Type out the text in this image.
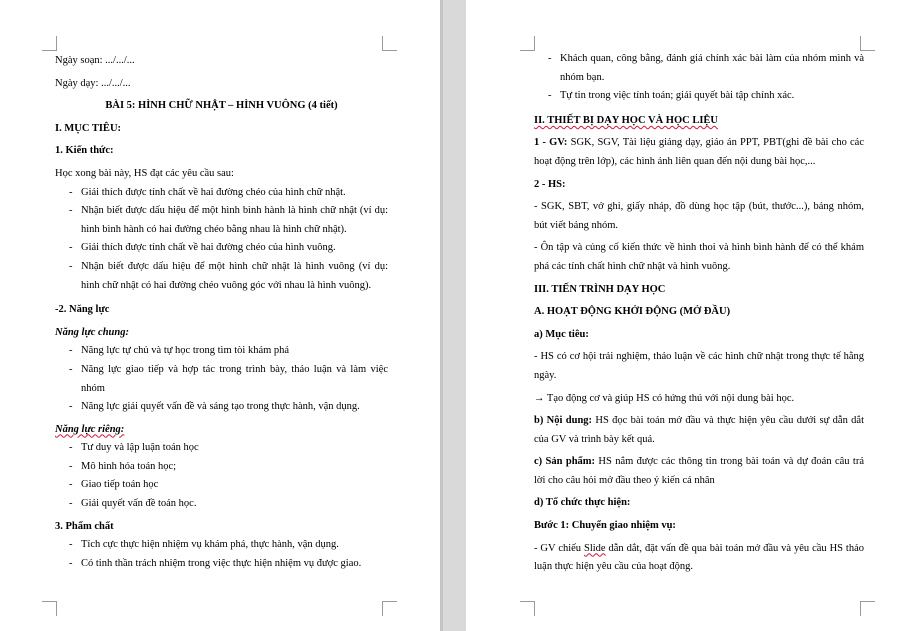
Ngày soạn: .../.../...

Ngày dạy: .../.../...

BÀI 5: HÌNH CHỮ NHẬT – HÌNH VUÔNG (4 tiết)

I. MỤC TIÊU:

1. Kiến thức:

Học xong bài này, HS đạt các yêu cầu sau:

- Giải thích được tính chất về hai đường chéo của hình chữ nhật.
- Nhận biết được dấu hiệu để một hình bình hành là hình chữ nhật (ví dụ: hình bình hành có hai đường chéo bằng nhau là hình chữ nhật).
- Giải thích được tính chất về hai đường chéo của hình vuông.
- Nhận biết được dấu hiệu để một hình chữ nhật là hình vuông (ví dụ: hình chữ nhật có hai đường chéo vuông góc với nhau là hình vuông).

-2. Năng lực

Năng lực chung:

- Năng lực tự chủ và tự học trong tìm tòi khám phá
- Năng lực giao tiếp và hợp tác trong trình bày, thảo luận và làm việc nhóm
- Năng lực giải quyết vấn đề và sáng tạo trong thực hành, vận dụng.

Năng lực riêng:

- Tư duy và lập luận toán học
- Mô hình hóa toán học;
- Giao tiếp toán học
- Giải quyết vấn đề toán học.

3. Phẩm chất

- Tích cực thực hiện nhiệm vụ khám phá, thực hành, vận dụng.
- Có tinh thần trách nhiệm trong việc thực hiện nhiệm vụ được giao.
- Khách quan, công bằng, đánh giá chính xác bài làm của nhóm mình và nhóm bạn.
- Tự tin trong việc tính toán; giải quyết bài tập chính xác.

II. THIẾT BỊ DẠY HỌC VÀ HỌC LIỆU

1 - GV: SGK, SGV, Tài liệu giảng dạy, giáo án PPT, PBT(ghi đề bài cho các hoạt động trên lớp), các hình ảnh liên quan đến nội dung bài học,...

2 - HS:

- SGK, SBT, vở ghi, giấy nháp, đồ dùng học tập (bút, thước...), bảng nhóm, bút viết bảng nhóm.

- Ôn tập và củng cố kiến thức về hình thoi và hình bình hành để có thể khám phá các tính chất hình chữ nhật và hình vuông.

III. TIẾN TRÌNH DẠY HỌC

A. HOẠT ĐỘNG KHỞI ĐỘNG (MỞ ĐẦU)

a) Mục tiêu:

- HS có cơ hội trải nghiệm, thảo luận về các hình chữ nhật trong thực tế hằng ngày.

→ Tạo động cơ và giúp HS có hứng thú với nội dung bài học.

b) Nội dung: HS đọc bài toán mở đầu và thực hiện yêu cầu dưới sự dẫn dắt của GV và trình bày kết quả.

c) Sản phẩm: HS nắm được các thông tin trong bài toán và dự đoán câu trả lời cho câu hỏi mở đầu theo ý kiến cá nhân

d) Tổ chức thực hiện:

Bước 1: Chuyển giao nhiệm vụ:

- GV chiếu Slide dẫn dắt, đặt vấn đề qua bài toán mở đầu và yêu cầu HS thảo luận thực hiện yêu cầu của hoạt động.
